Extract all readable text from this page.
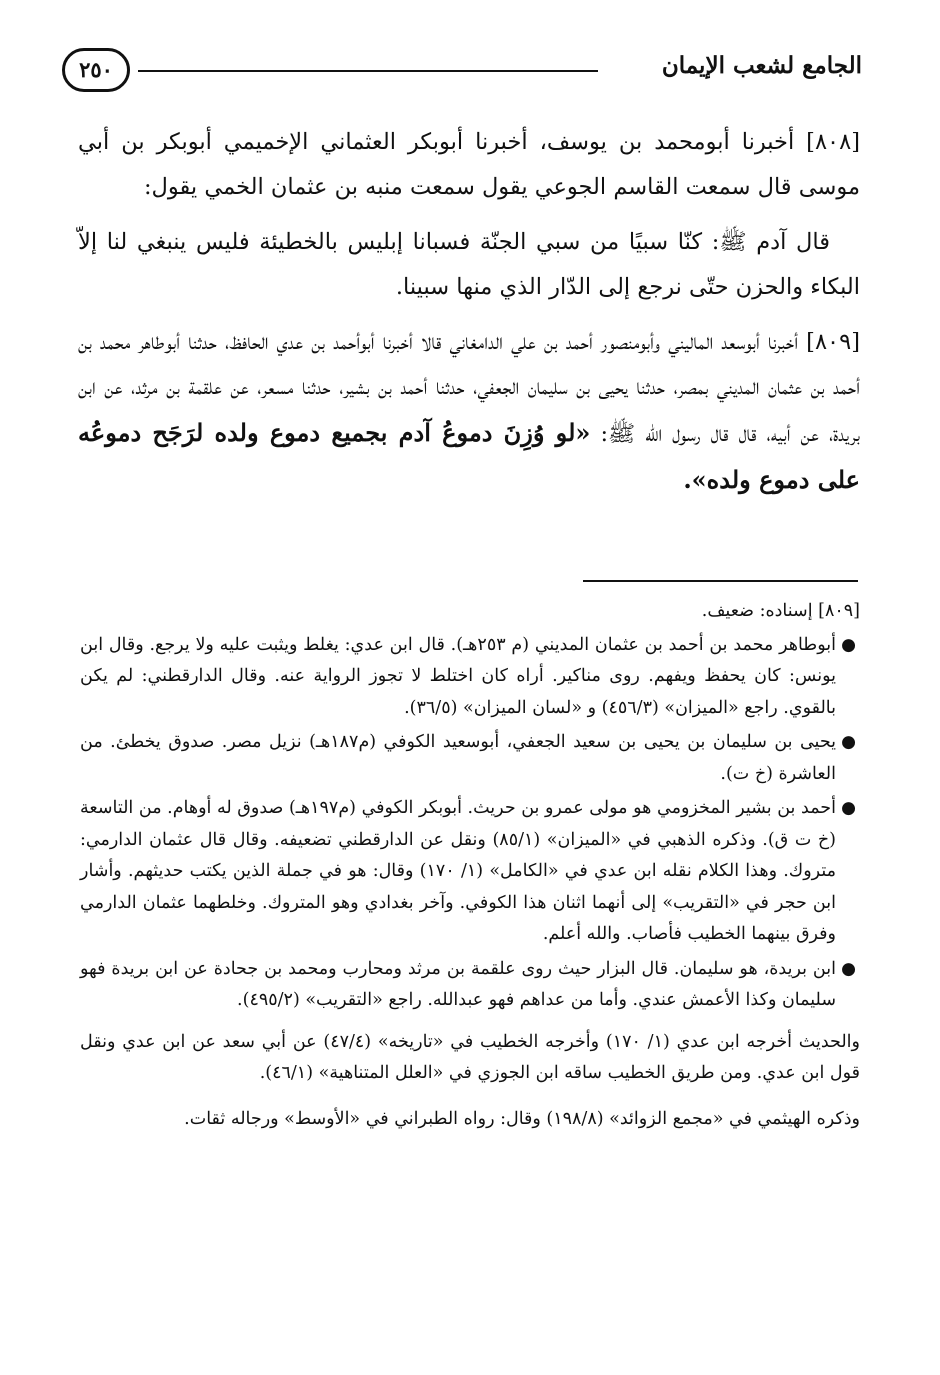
٢٥٠	الجامع لشعب الإيمان

[٨٠٨] أخبرنا أبومحمد بن يوسف، أخبرنا أبوبكر العثماني الإخميمي أبوبكر بن أبي موسى قال سمعت القاسم الجوعي يقول سمعت منبه بن عثمان الخمي يقول:

قال آدم ﷺ: كنّا سبيًا من سبي الجنّة فسبانا إبليس بالخطيئة فليس ينبغي لنا إلاّ البكاء والحزن حتّى نرجع إلى الدّار الذي منها سبينا.

[٨٠٩] أخبرنا أبوسعد الماليني وأبومنصور أحمد بن علي الدامغاني قالا أخبرنا أبوأحمد بن عدي الحافظ، حدثنا أبوطاهر محمد بن أحمد بن عثمان المديني بمصر، حدثنا يحيى بن سليمان الجعفي، حدثنا أحمد بن بشير، حدثنا مسعر، عن علقمة بن مرثد، عن ابن بريدة، عن أبيه، قال قال رسول الله ﷺ: «لو وُزِنَ دموعُ آدم بجميع دموع ولده لرَجَح دموعُه على دموع ولده».

[٨٠٩] إسناده: ضعيف.

●
أبوطاهر محمد بن أحمد بن عثمان المديني (م ٢٥٣هـ). قال ابن عدي: يغلط ويثبت عليه ولا يرجع. وقال ابن يونس: كان يحفظ ويفهم. روى مناكير. أراه كان اختلط لا تجوز الرواية عنه. وقال الدارقطني: لم يكن بالقوي. راجع «الميزان» (٤٥٦/٣) و «لسان الميزان» (٣٦/٥).
●
يحيى بن سليمان بن يحيى بن سعيد الجعفي، أبوسعيد الكوفي (م١٨٧هـ) نزيل مصر. صدوق يخطئ. من العاشرة (خ ت).
●
أحمد بن بشير المخزومي هو مولى عمرو بن حريث. أبوبكر الكوفي (م١٩٧هـ) صدوق له أوهام. من التاسعة (خ ت ق). وذكره الذهبي في «الميزان» (٨٥/١) ونقل عن الدارقطني تضعيفه. وقال قال عثمان الدارمي: متروك. وهذا الكلام نقله ابن عدي في «الكامل» (١/ ١٧٠) وقال: هو في جملة الذين يكتب حديثهم. وأشار ابن حجر في «التقريب» إلى أنهما اثنان هذا الكوفي. وآخر بغدادي وهو المتروك. وخلطهما عثمان الدارمي وفرق بينهما الخطيب فأصاب. والله أعلم.
●
ابن بريدة، هو سليمان. قال البزار حيث روى علقمة بن مرثد ومحارب ومحمد بن جحادة عن ابن بريدة فهو سليمان وكذا الأعمش عندي. وأما من عداهم فهو عبدالله. راجع «التقريب» (٤٩٥/٢).

والحديث أخرجه ابن عدي (١/ ١٧٠) وأخرجه الخطيب في «تاريخه» (٤٧/٤) عن أبي سعد عن ابن عدي ونقل قول ابن عدي. ومن طريق الخطيب ساقه ابن الجوزي في «العلل المتناهية» (٤٦/١).

وذكره الهيثمي في «مجمع الزوائد» (١٩٨/٨) وقال: رواه الطبراني في «الأوسط» ورجاله ثقات.
